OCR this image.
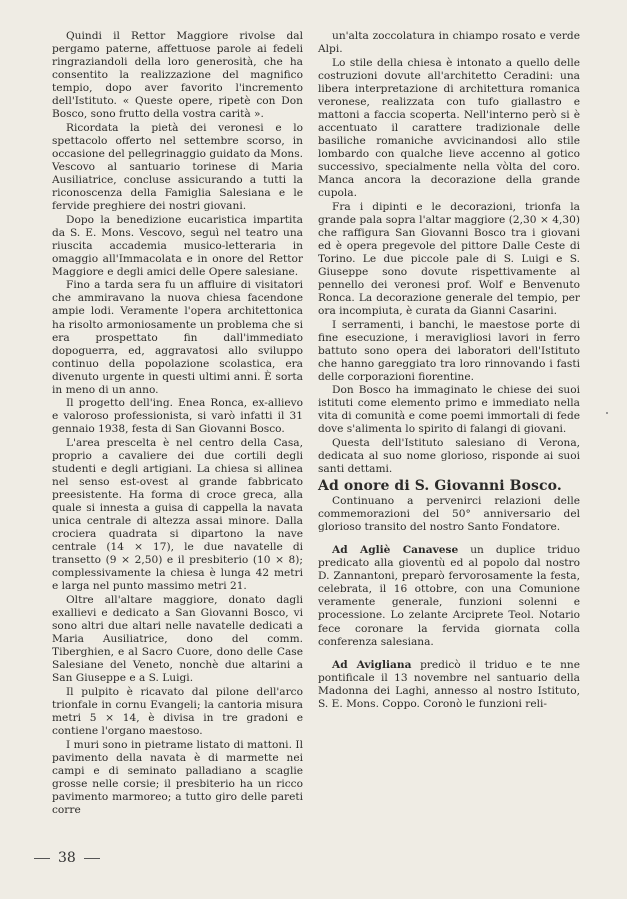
Quindi il Rettor Maggiore rivolse dal pergamo paterne, affettuose parole ai fedeli ringraziandoli della loro generosità, che ha consentito la realizzazione del magnifico tempio, dopo aver favorito l'incremento dell'Istituto. « Queste opere, ripetè con Don Bosco, sono frutto della vostra carità ».

Ricordata la pietà dei veronesi e lo spettacolo offerto nel settembre scorso, in occasione del pellegrinaggio guidato da Mons. Vescovo al santuario torinese di Maria Ausiliatrice, concluse assicurando a tutti la riconoscenza della Famiglia Salesiana e le fervide preghiere dei nostri giovani.

Dopo la benedizione eucaristica impartita da S. E. Mons. Vescovo, seguì nel teatro una riuscita accademia musico-letteraria in omaggio all'Immacolata e in onore del Rettor Maggiore e degli amici delle Opere salesiane.

Fino a tarda sera fu un affluire di visitatori che ammiravano la nuova chiesa facendone ampie lodi. Veramente l'opera architettonica ha risolto armoniosamente un problema che si era prospettato fin dall'immediato dopoguerra, ed, aggravatosi allo sviluppo continuo della popolazione scolastica, era divenuto urgente in questi ultimi anni. È sorta in meno di un anno.

Il progetto dell'ing. Enea Ronca, ex-allievo e valoroso professionista, si varò infatti il 31 gennaio 1938, festa di San Giovanni Bosco.

L'area prescelta è nel centro della Casa, proprio a cavaliere dei due cortili degli studenti e degli artigiani. La chiesa si allinea nel senso est-ovest al grande fabbricato preesistente. Ha forma di croce greca, alla quale si innesta a guisa di cappella la navata unica centrale di altezza assai minore. Dalla crociera quadrata si dipartono la nave centrale (14 × 17), le due navatelle di transetto (9 × 2,50) e il presbiterio (10 × 8); complessivamente la chiesa è lunga 42 metri e larga nel punto massimo metri 21.

Oltre all'altare maggiore, donato dagli exallievi e dedicato a San Giovanni Bosco, vi sono altri due altari nelle navatelle dedicati a Maria Ausiliatrice, dono del comm. Tiberghien, e al Sacro Cuore, dono delle Case Salesiane del Veneto, nonchè due altarini a San Giuseppe e a S. Luigi.

Il pulpito è ricavato dal pilone dell'arco trionfale in cornu Evangeli; la cantoria misura metri 5 × 14, è divisa in tre gradoni e contiene l'organo maestoso.

I muri sono in pietrame listato di mattoni. Il pavimento della navata è di marmette nei campi e di seminato palladiano a scaglie grosse nelle corsie; il presbiterio ha un ricco pavimento marmoreo; a tutto giro delle pareti corre

un'alta zoccolatura in chiampo rosato e verde Alpi.

Lo stile della chiesa è intonato a quello delle costruzioni dovute all'architetto Ceradini: una libera interpretazione di architettura romanica veronese, realizzata con tufo giallastro e mattoni a faccia scoperta. Nell'interno però si è accentuato il carattere tradizionale delle basiliche romaniche avvicinandosi allo stile lombardo con qualche lieve accenno al gotico successivo, specialmente nella vòlta del coro. Manca ancora la decorazione della grande cupola.

Fra i dipinti e le decorazioni, trionfa la grande pala sopra l'altar maggiore (2,30 × 4,30) che raffigura San Giovanni Bosco tra i giovani ed è opera pregevole del pittore Dalle Ceste di Torino. Le due piccole pale di S. Luigi e S. Giuseppe sono dovute rispettivamente al pennello dei veronesi prof. Wolf e Benvenuto Ronca. La decorazione generale del tempio, per ora incompiuta, è curata da Gianni Casarini.

I serramenti, i banchi, le maestose porte di fine esecuzione, i meravigliosi lavori in ferro battuto sono opera dei laboratori dell'Istituto che hanno gareggiato tra loro rinnovando i fasti delle corporazioni fiorentine.

Don Bosco ha immaginato le chiese dei suoi istituti come elemento primo e immediato nella vita di comunità e come poemi immortali di fede dove s'alimenta lo spirito di falangi di giovani.

Questa dell'Istituto salesiano di Verona, dedicata al suo nome glorioso, risponde ai suoi santi dettami.

Ad onore di S. Giovanni Bosco.

Continuano a pervenirci relazioni delle commemorazioni del 50° anniversario del glorioso transito del nostro Santo Fondatore.

Ad Agliè Canavese un duplice triduo predicato alla gioventù ed al popolo dal nostro D. Zannantoni, preparò fervorosamente la festa, celebrata, il 16 ottobre, con una Comunione veramente generale, funzioni solenni e processione. Lo zelante Arciprete Teol. Notario fece coronare la fervida giornata colla conferenza salesiana.

Ad Avigliana predicò il triduo e te nne pontificale il 13 novembre nel santuario della Madonna dei Laghi, annesso al nostro Istituto, S. E. Mons. Coppo. Coronò le funzioni reli-

38
